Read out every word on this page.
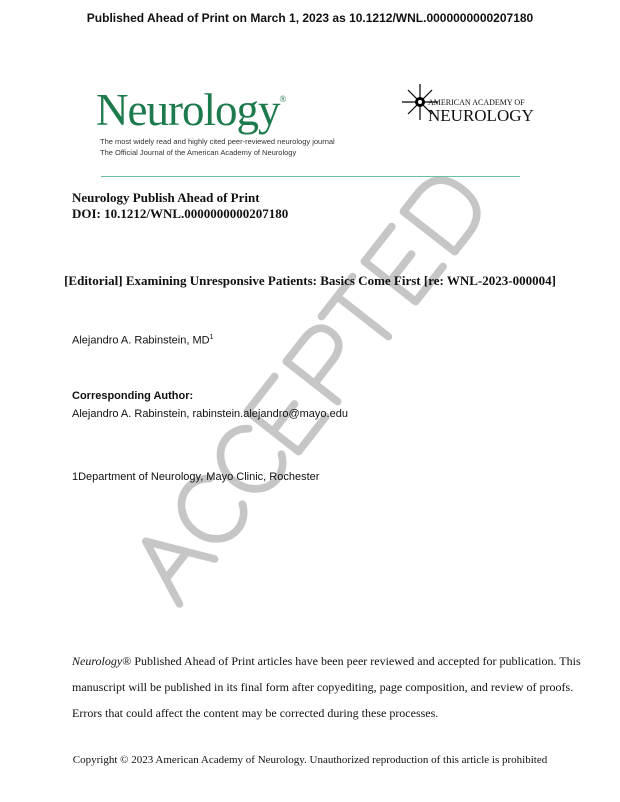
Published Ahead of Print on March 1, 2023 as 10.1212/WNL.0000000000207180
Neurology®
The most widely read and highly cited peer-reviewed neurology journal
The Official Journal of the American Academy of Neurology
AMERICAN ACADEMY OF
NEUROLOGY
Neurology Publish Ahead of Print
DOI: 10.1212/WNL.0000000000207180
[Editorial] Examining Unresponsive Patients: Basics Come First [re: WNL-2023-000004]
Alejandro A. Rabinstein, $MD^1$
Corresponding Author:
Alejandro A. Rabinstein, rabinstein.alejandro@mayo.edu
1Department of Neurology, Mayo Clinic, Rochester
Neurology® Published Ahead of Print articles have been peer reviewed and accepted for publication. This
manuscript will be published in its final form after copyediting, page composition, and review of proofs.
Errors that could affect the content may be corrected during these processes.
Copyright © 2023 American Academy of Neurology. Unauthorized reproduction of this article is prohibited
